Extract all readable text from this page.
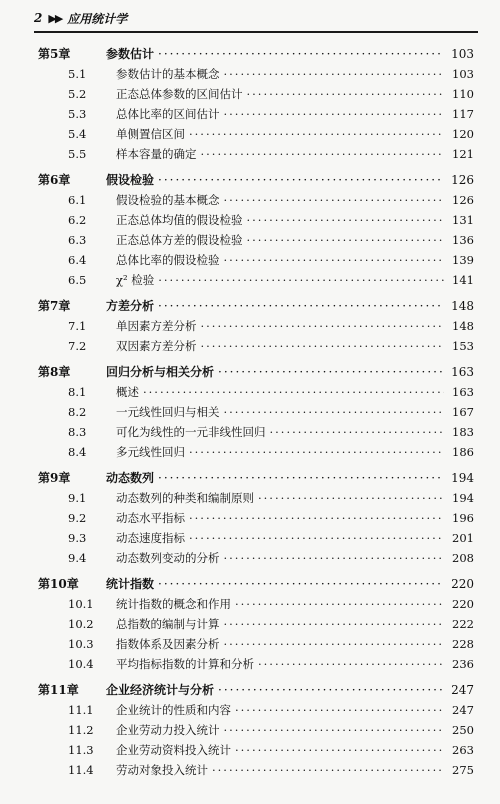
2 ▶▶ 应用统计学
第5章	参数估计 ·····	103
5.1	参数估计的基本概念 ·····	103
5.2	正态总体参数的区间估计 ·····	110
5.3	总体比率的区间估计 ·····	117
5.4	单侧置信区间 ·····	120
5.5	样本容量的确定 ·····	121
第6章	假设检验 ·····	126
6.1	假设检验的基本概念 ·····	126
6.2	正态总体均值的假设检验 ·····	131
6.3	正态总体方差的假设检验 ·····	136
6.4	总体比率的假设检验 ·····	139
6.5	χ² 检验 ·····	141
第7章	方差分析 ·····	148
7.1	单因素方差分析 ·····	148
7.2	双因素方差分析 ·····	153
第8章	回归分析与相关分析 ·····	163
8.1	概述 ·····	163
8.2	一元线性回归与相关 ·····	167
8.3	可化为线性的一元非线性回归 ·····	183
8.4	多元线性回归 ·····	186
第9章	动态数列 ·····	194
9.1	动态数列的种类和编制原则 ·····	194
9.2	动态水平指标 ·····	196
9.3	动态速度指标 ·····	201
9.4	动态数列变动的分析 ·····	208
第10章	统计指数 ·····	220
10.1	统计指数的概念和作用 ·····	220
10.2	总指数的编制与计算 ·····	222
10.3	指数体系及因素分析 ·····	228
10.4	平均指标指数的计算和分析 ·····	236
第11章	企业经济统计与分析 ·····	247
11.1	企业统计的性质和内容 ·····	247
11.2	企业劳动力投入统计 ·····	250
11.3	企业劳动资料投入统计 ·····	263
11.4	劳动对象投入统计 ·····	275
